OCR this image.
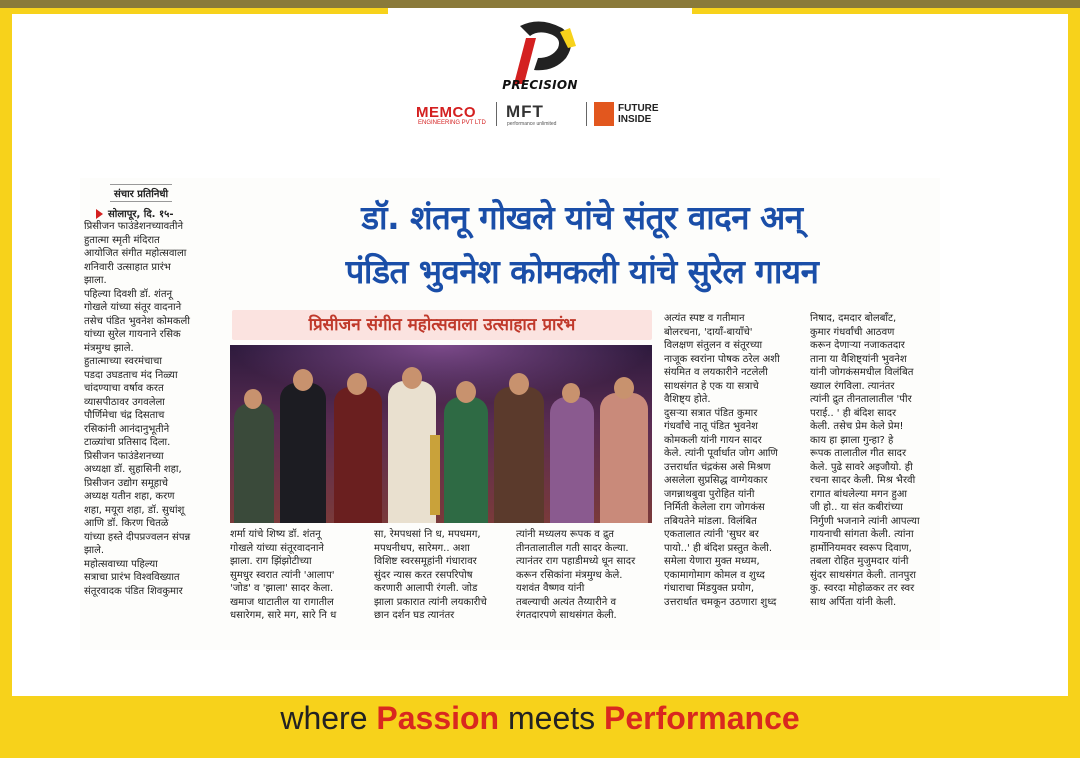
PRECISION
MEMCO
ENGINEERING PVT LTD
MFT
performance unlimited
FUTURE INSIDE
संचार प्रतिनिधी
सोलापूर, दि. १५-	डॉ. शंतनू गोखले यांचे संतूर वादन अन्
पंडित भुवनेश कोमकली यांचे सुरेल गायन
प्रिसीजन संगीत महोत्सवाला उत्साहात प्रारंभ
प्रिसीजन फाउंडेशनच्यावतीने
हुतात्मा स्मृती मंदिरात
आयोजित संगीत महोत्सवाला
शनिवारी उत्साहात प्रारंभ
झाला.
पहिल्या दिवशी डॉ. शंतनू
गोखले यांच्या संतूर वादनाने
तसेच पंडित भुवनेश कोमकली
यांच्या सुरेल गायनाने रसिक
मंत्रमुग्ध झाले.
हुतात्माच्या स्वरमंचाचा
पडदा उघडताच मंद निळ्या
चांदण्याचा वर्षाव करत
व्यासपीठावर उगवलेला
पौर्णिमेचा चंद्र दिसताच
रसिकांनी आनंदानुभूतीने
टाळ्यांचा प्रतिसाद दिला.
प्रिसीजन फाउंडेशनच्या
अध्यक्षा डॉ. सुहासिनी शहा,
प्रिसीजन उद्योग समूहाचे
अध्यक्ष यतीन शहा, करण
शहा, मयूरा शहा, डॉ. सुधांशू
आणि डॉ. किरण चितळे
यांच्या हस्ते दीपप्रज्वलन संपन्न
झाले.
महोत्सवाच्या पहिल्या
सत्राचा प्रारंभ विश्वविख्यात
संतूरवादक पंडित शिवकुमार
शर्मा यांचे शिष्य डॉ. शंतनू
गोखले यांच्या संतूरवादनाने
झाला. राग झिंझोटीच्या
सुमधुर स्वरात त्यांनी 'आलाप'
'जोड' व 'झाला' सादर केला.
खमाज थाटातील या रागातील
धसारेगम, सारे मग, सारे नि ध
सा, रेमपधसां नि ध, मपधमग,
मपधनीधप, सारेमग.. अशा
विशिष्ट स्वरसमूहांनी गंधारावर
सुंदर न्यास करत रसपरिपोष
करणारी आलापी रंगली. जोड
झाला प्रकारात त्यांनी लयकारीचे
छान दर्शन घड त्यानंतर
त्यांनी मध्यलय रूपक व द्रुत
तीनतालातील गती सादर केल्या.
त्यानंतर राग पहाडीमध्ये धून सादर
करून रसिकांना मंत्रमुग्ध केले.
यशवंत वैष्णव यांनी
तबल्याची अत्यंत तैय्यारीने व
रंगतदारपणे साथसंगत केली.
अत्यंत स्पष्ट व गतीमान
बोलरचना, 'दायाँ-बायाँचे'
विलक्षण संतुलन व संतूरच्या
नाजूक स्वरांना पोषक ठरेल अशी
संयमित व लयकारीने नटलेली
साथसंगत हे एक या सत्राचे
वैशिष्ट्य होते.
दुसऱ्या सत्रात पंडित कुमार
गंधर्वांचे नातू पंडित भुवनेश
कोमकली यांनी गायन सादर
केले. त्यांनी पूर्वार्धात जोग आणि
उत्तरार्धात चंद्रकंस असे मिश्रण
असलेला सुप्रसिद्ध वाग्गेयकार
जगन्नाथबुवा पुरोहित यांनी
निर्मिती केलेला राग जोगकंस
तबियतेने मांडला. विलंबित
एकतालात त्यांनी 'सुघर बर
पायो..' ही बंदिश प्रस्तुत केली.
समेला येणारा मुक्त मध्यम,
एकामागोमाग कोमल व शुध्द
गंधाराचा मिंडयुक्त प्रयोग,
उत्तरार्धात चमकून उठणारा शुध्द
निषाद, दमदार बोलबाँट,
कुमार गंधर्वांची आठवण
करून देणाऱ्या नजाकतदार
ताना या वैशिष्ट्यांनी भुवनेश
यांनी जोगकंसमधील विलंबित
ख्याल रंगविला. त्यानंतर
त्यांनी द्रुत तीनतालातील 'पीर
पराई.. ' ही बंदिश सादर
केली. तसेच प्रेम केले प्रेम!
काय हा झाला गुन्हा? हे
रूपक तालातील गीत सादर
केले. पुढे सावरे अइजौयो. ही
रचना सादर केली. मिश्र भैरवी
रागात बांधलेल्या मगन हुआ
जी हो.. या संत कबीरांच्या
निर्गुणी भजनाने त्यांनी आपल्या
गायनाची सांगता केली. त्यांना
हार्मोनियमवर स्वरूप दिवाण,
तबला रोहित मुजुमदार यांनी
सुंदर साथसंगत केली. तानपुरा
कु. स्वरदा मोहोळकर तर स्वर
साथ अर्पिता यांनी केली.
where Passion meets Performance
